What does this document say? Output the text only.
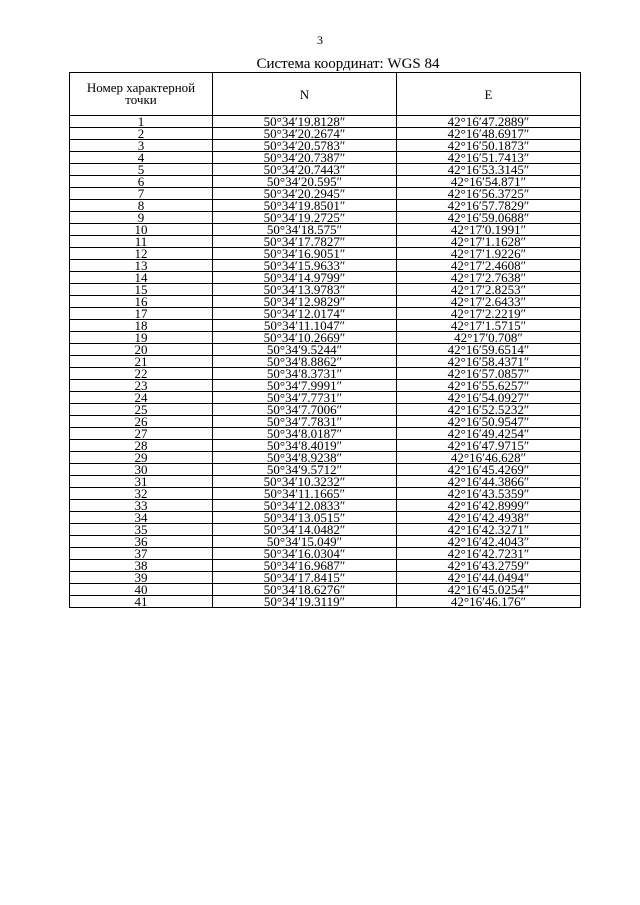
3
Система координат: WGS 84
Номер характерной точки	N	E
1	50°34′19.8128″	42°16′47.2889″
2	50°34′20.2674″	42°16′48.6917″
3	50°34′20.5783″	42°16′50.1873″
4	50°34′20.7387″	42°16′51.7413″
5	50°34′20.7443″	42°16′53.3145″
6	50°34′20.595″	42°16′54.871″
7	50°34′20.2945″	42°16′56.3725″
8	50°34′19.8501″	42°16′57.7829″
9	50°34′19.2725″	42°16′59.0688″
10	50°34′18.575″	42°17′0.1991″
11	50°34′17.7827″	42°17′1.1628″
12	50°34′16.9051″	42°17′1.9226″
13	50°34′15.9633″	42°17′2.4608″
14	50°34′14.9799″	42°17′2.7638″
15	50°34′13.9783″	42°17′2.8253″
16	50°34′12.9829″	42°17′2.6433″
17	50°34′12.0174″	42°17′2.2219″
18	50°34′11.1047″	42°17′1.5715″
19	50°34′10.2669″	42°17′0.708″
20	50°34′9.5244″	42°16′59.6514″
21	50°34′8.8862″	42°16′58.4371″
22	50°34′8.3731″	42°16′57.0857″
23	50°34′7.9991″	42°16′55.6257″
24	50°34′7.7731″	42°16′54.0927″
25	50°34′7.7006″	42°16′52.5232″
26	50°34′7.7831″	42°16′50.9547″
27	50°34′8.0187″	42°16′49.4254″
28	50°34′8.4019″	42°16′47.9715″
29	50°34′8.9238″	42°16′46.628″
30	50°34′9.5712″	42°16′45.4269″
31	50°34′10.3232″	42°16′44.3866″
32	50°34′11.1665″	42°16′43.5359″
33	50°34′12.0833″	42°16′42.8999″
34	50°34′13.0515″	42°16′42.4938″
35	50°34′14.0482″	42°16′42.3271″
36	50°34′15.049″	42°16′42.4043″
37	50°34′16.0304″	42°16′42.7231″
38	50°34′16.9687″	42°16′43.2759″
39	50°34′17.8415″	42°16′44.0494″
40	50°34′18.6276″	42°16′45.0254″
41	50°34′19.3119″	42°16′46.176″
